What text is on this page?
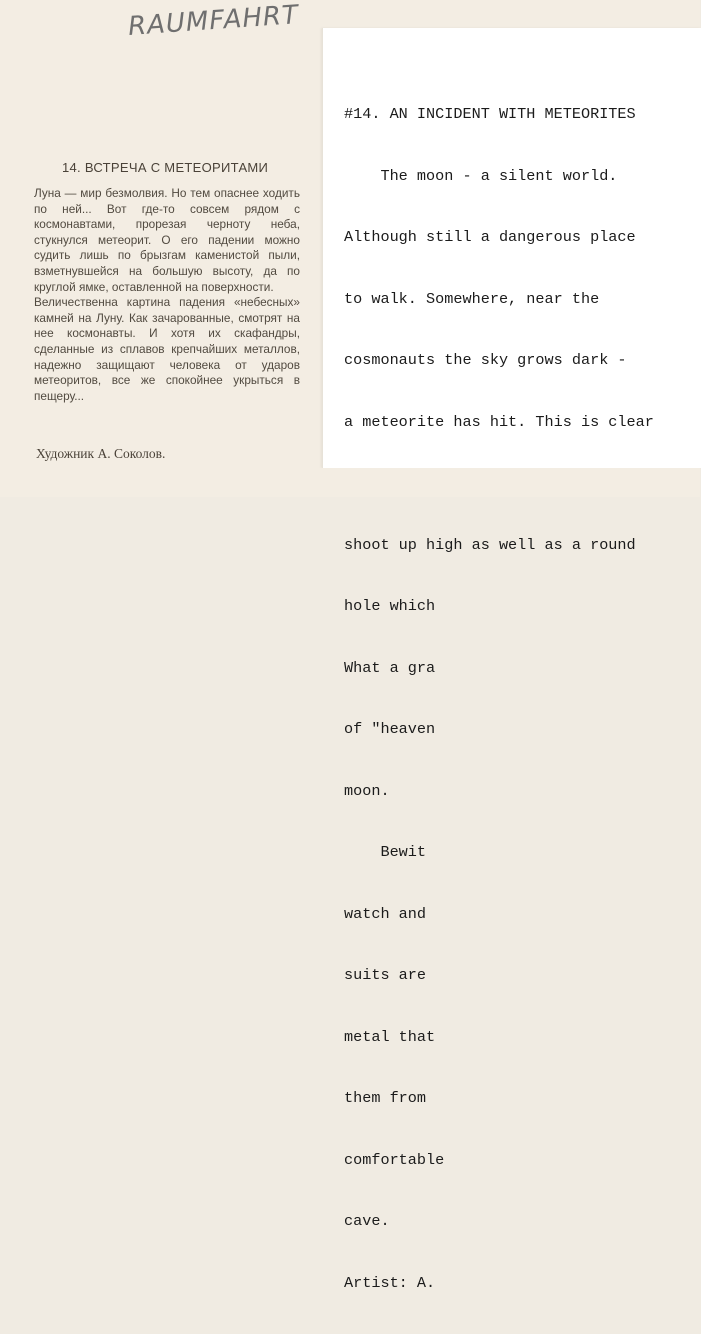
RAUMFAHRT
14. ВСТРЕЧА С МЕТЕОРИТАМИ

Луна — мир безмолвия. Но тем опаснее ходить по ней... Вот где-то совсем рядом с космонавтами, прорезая черноту неба, стукнулся метеорит. О его падении можно судить лишь по брызгам каменистой пыли, взметнувшейся на большую высоту, да по круглой ямке, оставленной на поверхности.

Величественна картина падения «небесных» камней на Луну. Как зачарованные, смотрят на нее космонавты. И хотя их скафандры, сделанные из сплавов крепчайших металлов, надежно защищают человека от ударов метеоритов, все же спокойнее укрыться в пещеру...

Художник А. Соколов.

#14. AN INCIDENT WITH METEORITES

The moon - a silent world.

Although still a dangerous place

to walk. Somewhere, near the

cosmonauts the sky grows dark -

a meteorite has hit. This is clear

shoot up high as well as a round

hole which

What a gra

of "heaven

moon.

Bewit

watch and

suits are

metal that

them from

comfortable

cave.

Artist: A.
